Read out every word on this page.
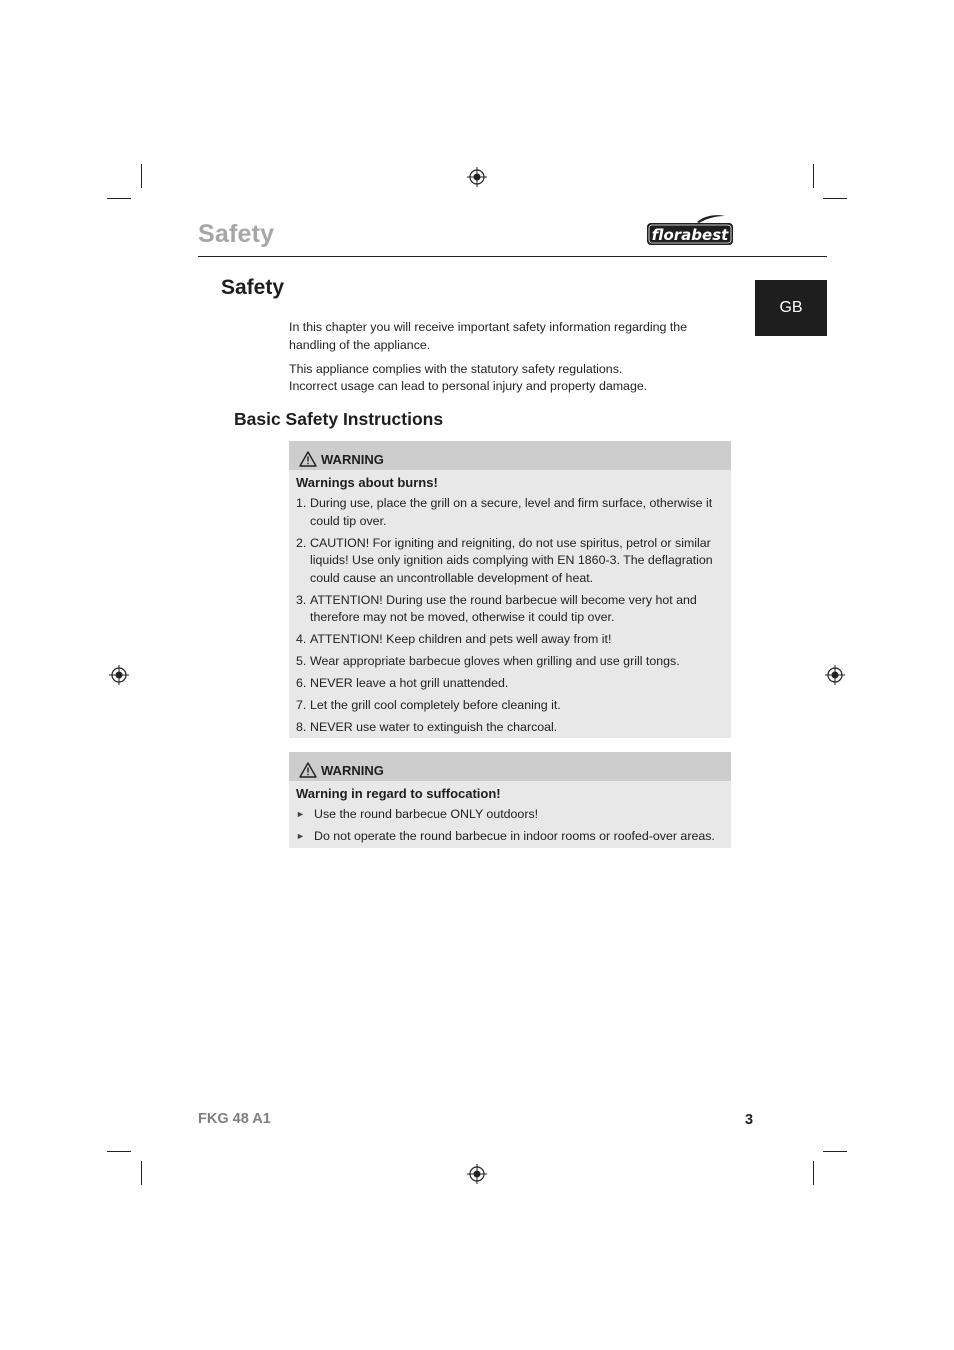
Safety	florabest
GB
Safety
In this chapter you will receive important safety information regarding the handling of the appliance.
This appliance complies with the statutory safety regulations.
Incorrect usage can lead to personal injury and property damage.
Basic Safety Instructions
WARNING
Warnings about burns!
1. During use, place the grill on a secure, level and firm surface, otherwise it could tip over.
2. CAUTION! For igniting and reigniting, do not use spiritus, petrol or similar liquids! Use only ignition aids complying with EN 1860-3. The deflagration could cause an uncontrollable development of heat.
3. ATTENTION! During use the round barbecue will become very hot and therefore may not be moved, otherwise it could tip over.
4. ATTENTION! Keep children and pets well away from it!
5. Wear appropriate barbecue gloves when grilling and use grill tongs.
6. NEVER leave a hot grill unattended.
7. Let the grill cool completely before cleaning it.
8. NEVER use water to extinguish the charcoal.
WARNING
Warning in regard to suffocation!
► Use the round barbecue ONLY outdoors!
► Do not operate the round barbecue in indoor rooms or roofed-over areas.
FKG 48 A1	3
